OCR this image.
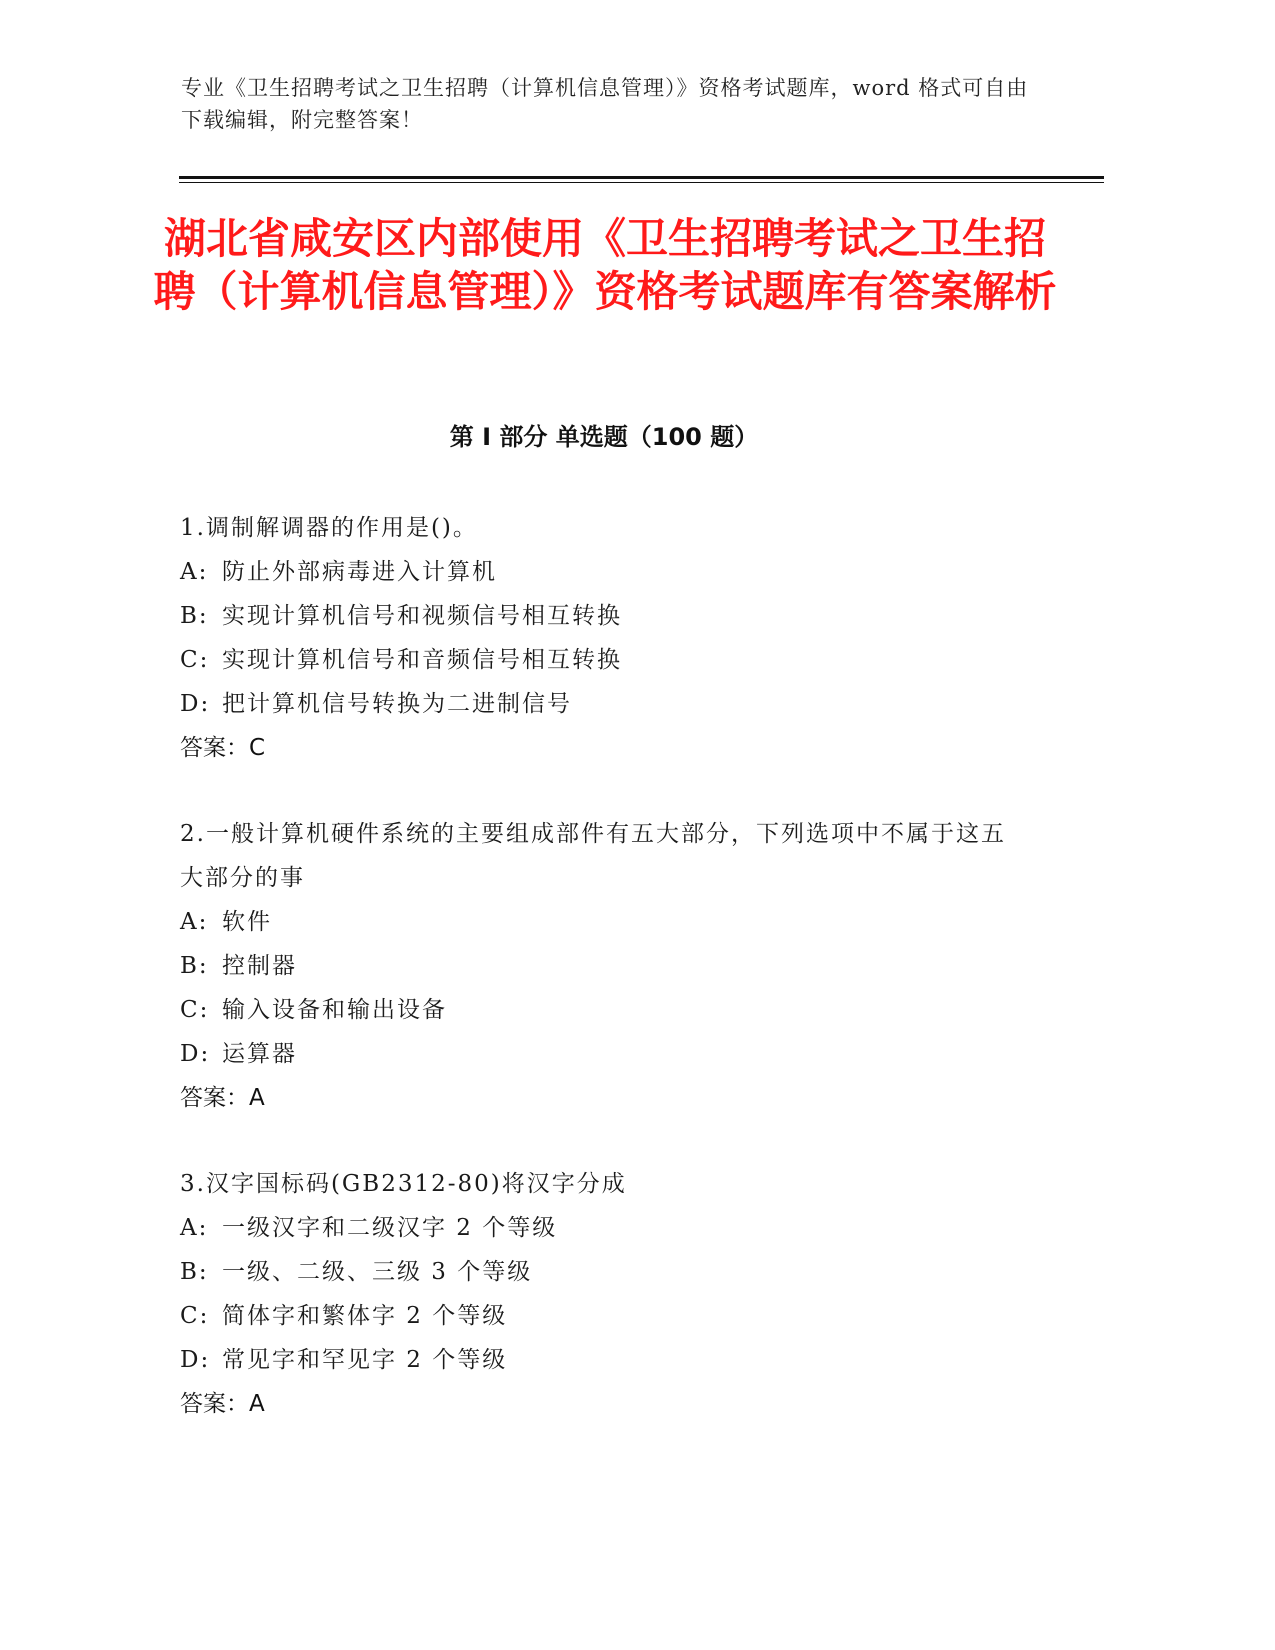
专业《卫生招聘考试之卫生招聘（计算机信息管理）》资格考试题库，word 格式可自由下载编辑，附完整答案！
湖北省咸安区内部使用《卫生招聘考试之卫生招聘（计算机信息管理）》资格考试题库有答案解析
第 I 部分 单选题（100 题）

1.调制解调器的作用是()。

A: 防止外部病毒进入计算机

B: 实现计算机信号和视频信号相互转换

C: 实现计算机信号和音频信号相互转换

D: 把计算机信号转换为二进制信号

答案：C

2.一般计算机硬件系统的主要组成部件有五大部分，下列选项中不属于这五大部分的事

A: 软件

B: 控制器

C: 输入设备和输出设备

D: 运算器

答案：A

3.汉字国标码(GB2312-80)将汉字分成

A: 一级汉字和二级汉字 2 个等级

B: 一级、二级、三级 3 个等级

C: 简体字和繁体字 2 个等级

D: 常见字和罕见字 2 个等级

答案：A
